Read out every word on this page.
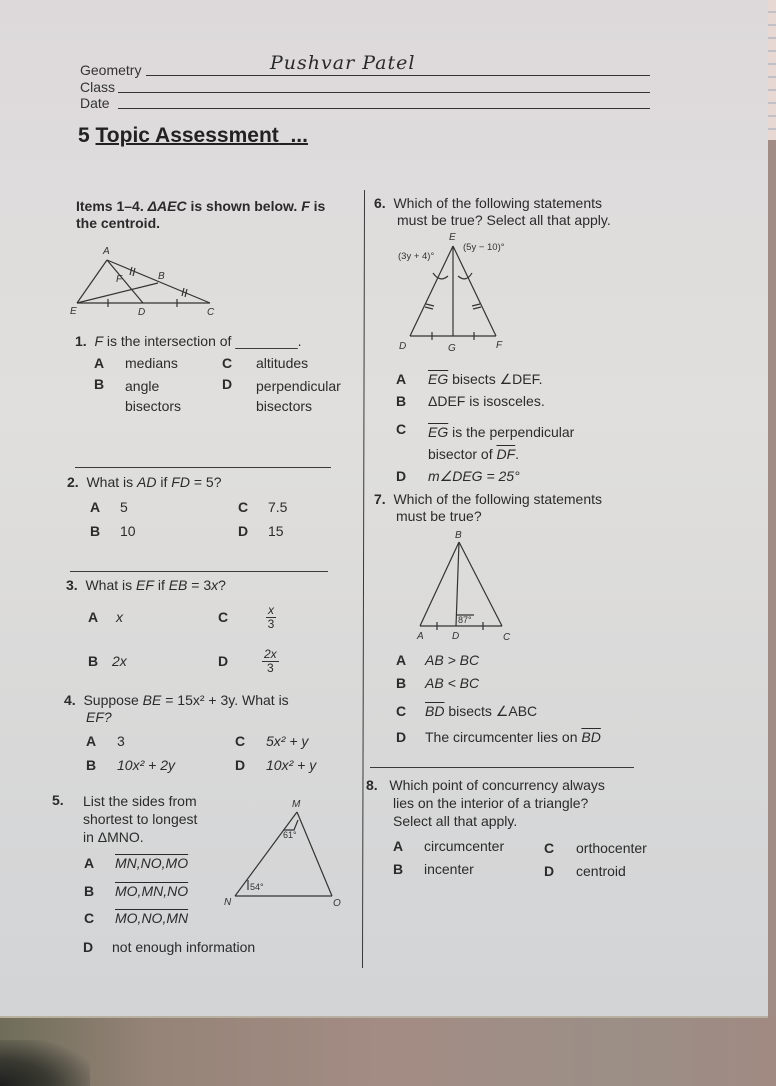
Geometry	Pushvar Patel
Class
Date
5 Topic Assessment ...
Items 1–4. ΔAEC is shown below. F is
the centroid.
A
B
F
E	D	C
1. F is the intersection of ________.
A medians
B angle
bisectors
C altitudes
D perpendicular
bisectors
2. What is AD if FD = 5?
A 5
B 10
C 7.5
D 15
3. What is EF if EB = 3x?
A x
B 2x
C	$\frac{x}{3}$
D	$\frac{2x}{3}$
4. Suppose BE = 15x² + 3y. What is
EF?
A 3
B 10x² + 2y
C 5x² + y
D 10x² + y
5. List the sides from
shortest to longest
in ΔMNO.
A MN,NO,MO
B MO,MN,NO
C MO,NO,MN
D not enough information
M
N	O
61°
54°
6. Which of the following statements
must be true? Select all that apply.
E
(3y + 4)°
(5y − 10)°
D	G	F
A $\overline{EG}$ bisects ∠DEF.
B ΔDEF is isosceles.
C $\overline{EG}$ is the perpendicular
bisector of $\overline{DF}$.
D m∠DEG = 25°
7. Which of the following statements
must be true?
B
A	D	C
87°
A AB > BC
B AB < BC
C $\overline{BD}$ bisects ∠ABC
D The circumcenter lies on $\overline{BD}$
8. Which point of concurrency always
lies on the interior of a triangle?
Select all that apply.
A circumcenter
B incenter
C orthocenter
D centroid
